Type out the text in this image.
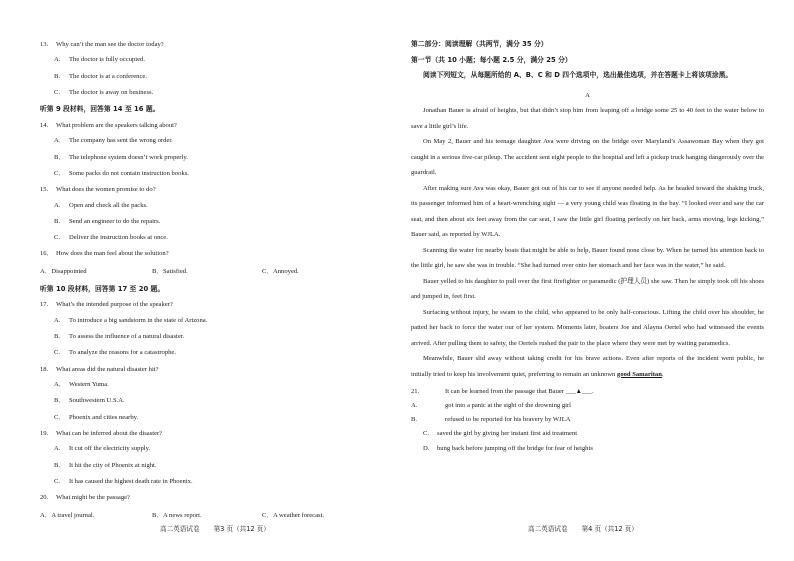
13. Why can’t the man see the doctor today?
A. The doctor is fully occupied.
B. The doctor is at a conference.
C. The doctor is away on business.
听第 9 段材料，回答第 14 至 16 题。
14. What problem are the speakers talking about?
A． The company has sent the wrong order.
B． The telephone system doesn’t work properly.
C． Some packs do not contain instruction books.
15. What does the women promise to do?
A. Open and check all the packs.
B. Send an engineer to do the repairs.
C. Deliver the instruction books at once.
16． How does the man feel about the solution?
A．Disappointed	B．Satisfied.	C．Annoyed.
听第 10 段材料，回答第 17 至 20 题。
17. What’s the intended purpose of the speaker?
A. To introduce a big sandstorm in the state of Arizona.
B. To assess the influence of a natural disaster.
C. To analyze the reasons for a catastrophe.
18. What areas did the natural disaster hit?
A． Western Yuma.
B． Southwestern U.S.A.
C． Phoenix and cities nearby.
19. What can be inferred about the disaster?
A. It cut off the electricity supply.
B. It hit the city of Phoenix at night.
C. It has caused the highest death rate in Phoenix.
20. What might be the passage?
A．A travel journal.	B．A news report.	C．A weather forecast.
高二英语试卷 第3 页（共12 页）
第二部分：阅读理解（共两节，满分 35 分）
第一节（共 10 小题；每小题 2.5 分，满分 25 分）
阅读下列短文，从每题所给的 A、B、C 和 D 四个选项中，选出最佳选项，并在答题卡上将该项涂黑。
A
Jonathan Bauer is afraid of heights, but that didn’t stop him from leaping off a bridge some 25 to 40 feet to the water below to save a little girl’s life.
On May 2, Bauer and his teenage daughter Ava were driving on the bridge over Maryland’s Assawoman Bay when they got caught in a serious five-car pileup. The accident sent eight people to the hospital and left a pickup truck hanging dangerously over the guardrail.
After making sure Ava was okay, Bauer got out of his car to see if anyone needed help. As he headed toward the shaking truck, its passenger informed him of a heart-wrenching sight — a very young child was floating in the bay. “I looked over and saw the car seat, and then about six feet away from the car seat, I saw the little girl floating perfectly on her back, arms moving, legs kicking,” Bauer said, as reported by WJLA.
Scanning the water for nearby boats that might be able to help, Bauer found none close by. When he turned his attention back to the little girl, he saw she was in trouble. “She had turned over onto her stomach and her face was in the water,” he said.
Bauer yelled to his daughter to pull over the first firefighter or paramedic (护理人员) she saw. Then he simply took off his shoes and jumped in, feet first.
Surfacing without injury, he swam to the child, who appeared to be only half-conscious. Lifting the child over his shoulder, he patted her back to force the water our of her system. Moments later, boaters Joe and Alayna Oertel who had witnessed the events arrived. After pulling them to safety, the Oertels rushed the pair to the place where they were met by waiting paramedics.
Meanwhile, Bauer slid away without taking credit for his brave actions. Even after reports of the incident went public, he initially tried to keep his involvement quiet, preferring to remain an unknown good Samaritan.
21.	It can be learned from the passage that Bauer ___▲___.
A.	got into a panic at the sight of the drowning girl
B.	refused to be reported for his bravery by WJLA
C. saved the girl by giving her instant first aid treatment
D. hung back before jumping off the bridge for fear of heights
高二英语试卷 第4 页（共12 页）
